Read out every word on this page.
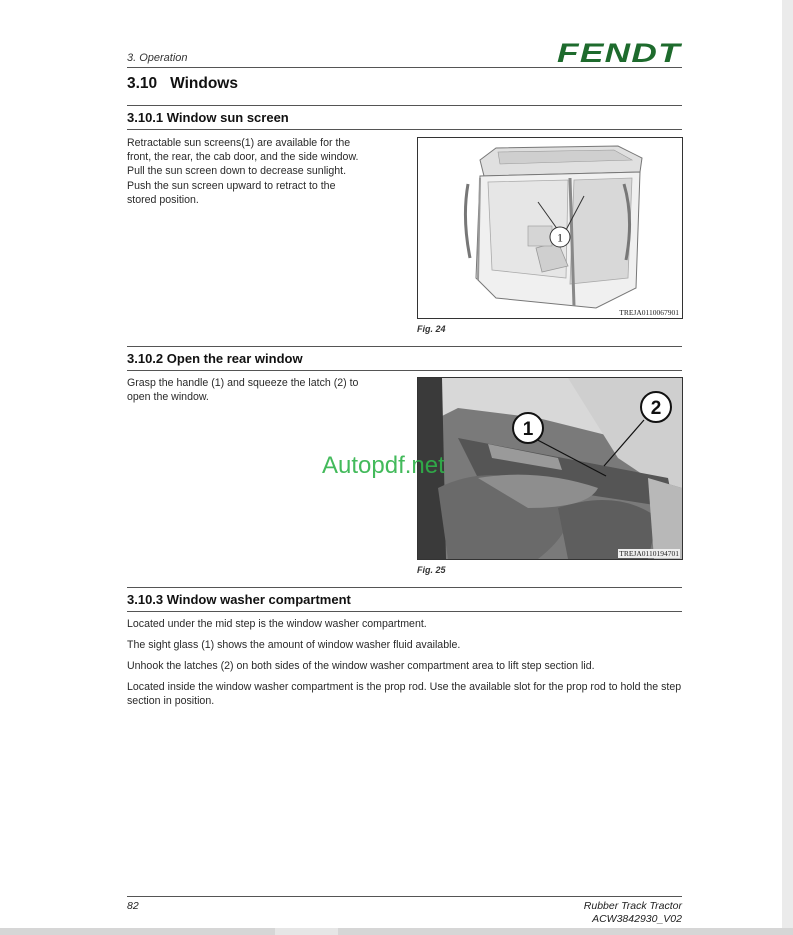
3. Operation	FENDT
3.10 Windows
3.10.1 Window sun screen
Retractable sun screens(1) are available for the
front, the rear, the cab door, and the side window.
Pull the sun screen down to decrease sunlight.
Push the sun screen upward to retract to the
stored position.
1
TREJA0110067901
Fig. 24
3.10.2 Open the rear window
Grasp the handle (1) and squeeze the latch (2) to
open the window.
1
2
TREJA0110194701
Fig. 25
Autopdf.net
3.10.3 Window washer compartment
Located under the mid step is the window washer compartment.
The sight glass (1) shows the amount of window washer fluid available.
Unhook the latches (2) on both sides of the window washer compartment area to lift step section lid.
Located inside the window washer compartment is the prop rod. Use the available slot for the prop rod to hold the step section in position.
82	Rubber Track Tractor
ACW3842930_V02
